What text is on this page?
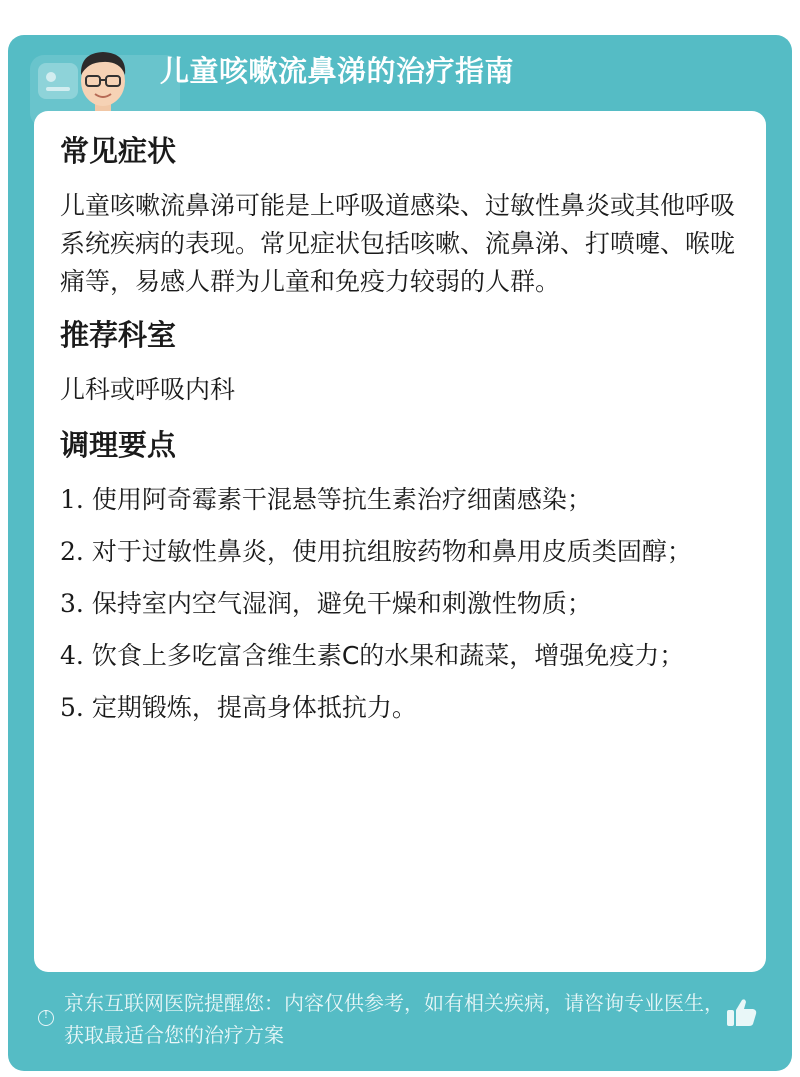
儿童咳嗽流鼻涕的治疗指南
常见症状

儿童咳嗽流鼻涕可能是上呼吸道感染、过敏性鼻炎或其他呼吸系统疾病的表现。常见症状包括咳嗽、流鼻涕、打喷嚏、喉咙痛等，易感人群为儿童和免疫力较弱的人群。

推荐科室

儿科或呼吸内科

调理要点

1. 使用阿奇霉素干混悬等抗生素治疗细菌感染；

2. 对于过敏性鼻炎，使用抗组胺药物和鼻用皮质类固醇；

3. 保持室内空气湿润，避免干燥和刺激性物质；

4. 饮食上多吃富含维生素C的水果和蔬菜，增强免疫力；

5. 定期锻炼，提高身体抵抗力。

!
京东互联网医院提醒您：内容仅供参考，如有相关疾病，请咨询专业医生，获取最适合您的治疗方案
